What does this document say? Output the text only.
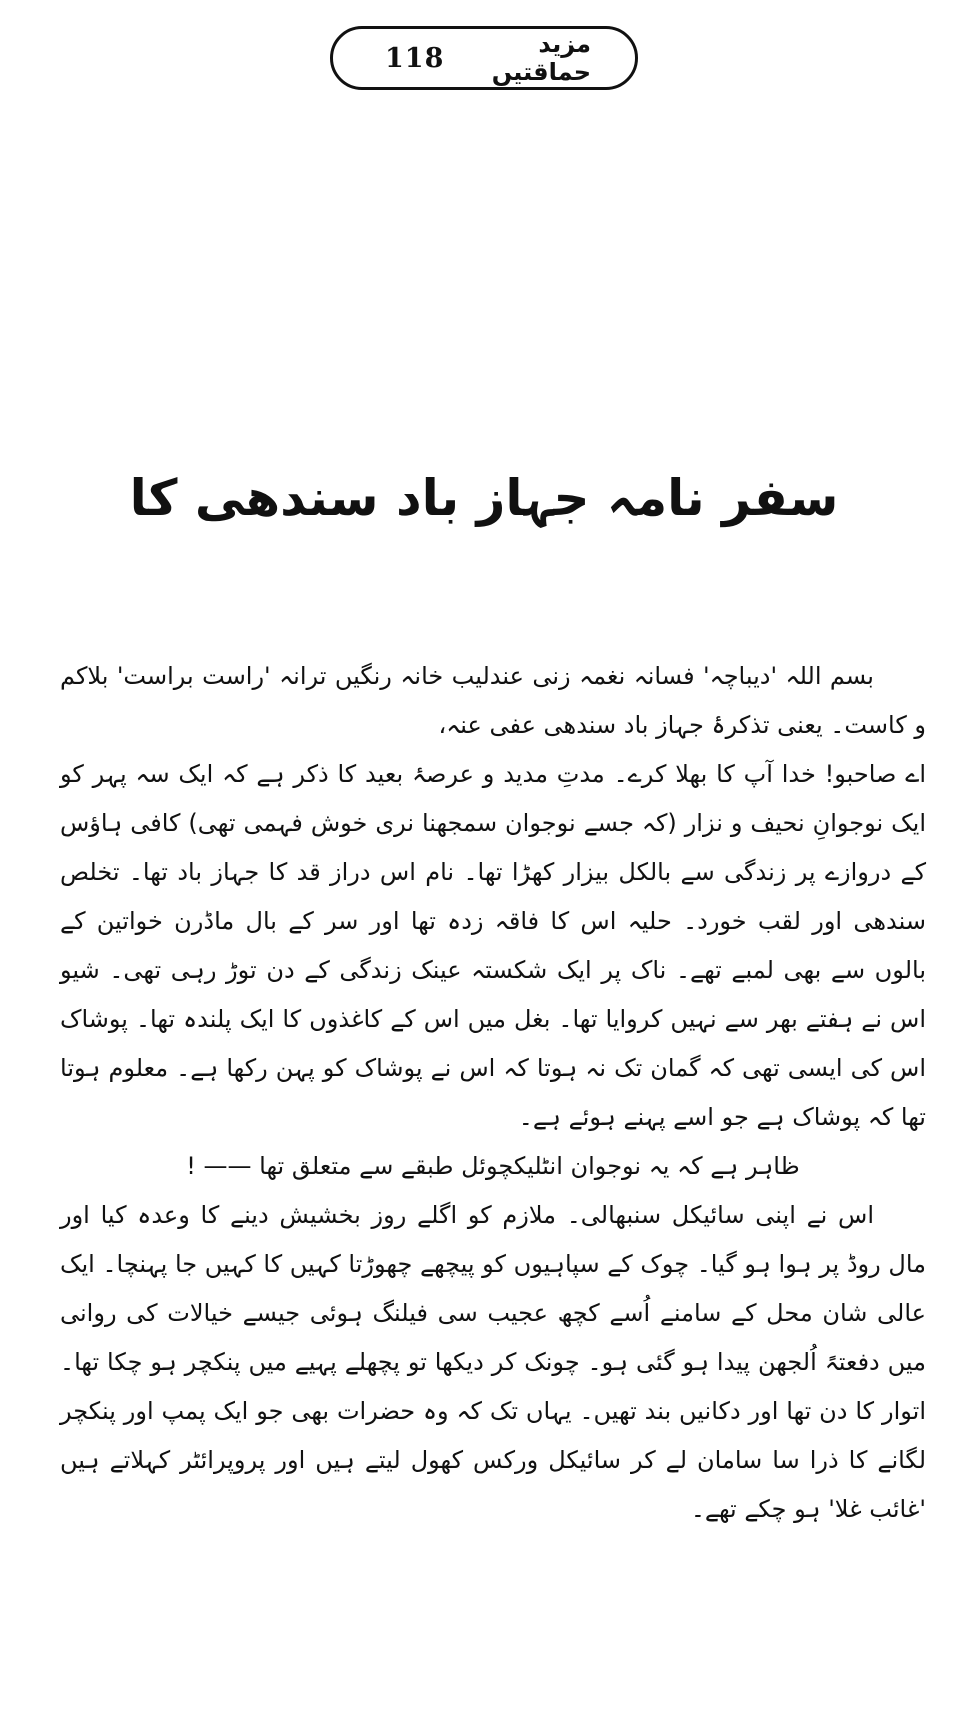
118	مزید حماقتیں
سفر نامہ جہاز باد سندھی کا

بسم اللہ 'دیباچہ' فسانہ نغمہ زنی عندلیب خانہ رنگیں ترانہ 'راست براست' بلاکم و کاست۔ یعنی تذکرۂ جہاز باد سندھی عفی عنہ،

اے صاحبو! خدا آپ کا بھلا کرے۔ مدتِ مدید و عرصۂ بعید کا ذکر ہے کہ ایک سہ پہر کو ایک نوجوانِ نحیف و نزار (کہ جسے نوجوان سمجھنا نری خوش فہمی تھی) کافی ہاؤس کے دروازے پر زندگی سے بالکل بیزار کھڑا تھا۔ نام اس دراز قد کا جہاز باد تھا۔ تخلص سندھی اور لقب خورد۔ حلیہ اس کا فاقہ زدہ تھا اور سر کے بال ماڈرن خواتین کے بالوں سے بھی لمبے تھے۔ ناک پر ایک شکستہ عینک زندگی کے دن توڑ رہی تھی۔ شیو اس نے ہفتے بھر سے نہیں کروایا تھا۔ بغل میں اس کے کاغذوں کا ایک پلندہ تھا۔ پوشاک اس کی ایسی تھی کہ گمان تک نہ ہوتا کہ اس نے پوشاک کو پہن رکھا ہے۔ معلوم ہوتا تھا کہ پوشاک ہے جو اسے پہنے ہوئے ہے۔

ظاہر ہے کہ یہ نوجوان انٹلیکچوئل طبقے سے متعلق تھا —— !

اس نے اپنی سائیکل سنبھالی۔ ملازم کو اگلے روز بخشیش دینے کا وعدہ کیا اور مال روڈ پر ہوا ہو گیا۔ چوک کے سپاہیوں کو پیچھے چھوڑتا کہیں کا کہیں جا پہنچا۔ ایک عالی شان محل کے سامنے اُسے کچھ عجیب سی فیلنگ ہوئی جیسے خیالات کی روانی میں دفعتہً اُلجھن پیدا ہو گئی ہو۔ چونک کر دیکھا تو پچھلے پہیے میں پنکچر ہو چکا تھا۔ اتوار کا دن تھا اور دکانیں بند تھیں۔ یہاں تک کہ وہ حضرات بھی جو ایک پمپ اور پنکچر لگانے کا ذرا سا سامان لے کر سائیکل ورکس کھول لیتے ہیں اور پروپرائٹر کہلاتے ہیں 'غائب غلا' ہو چکے تھے۔
